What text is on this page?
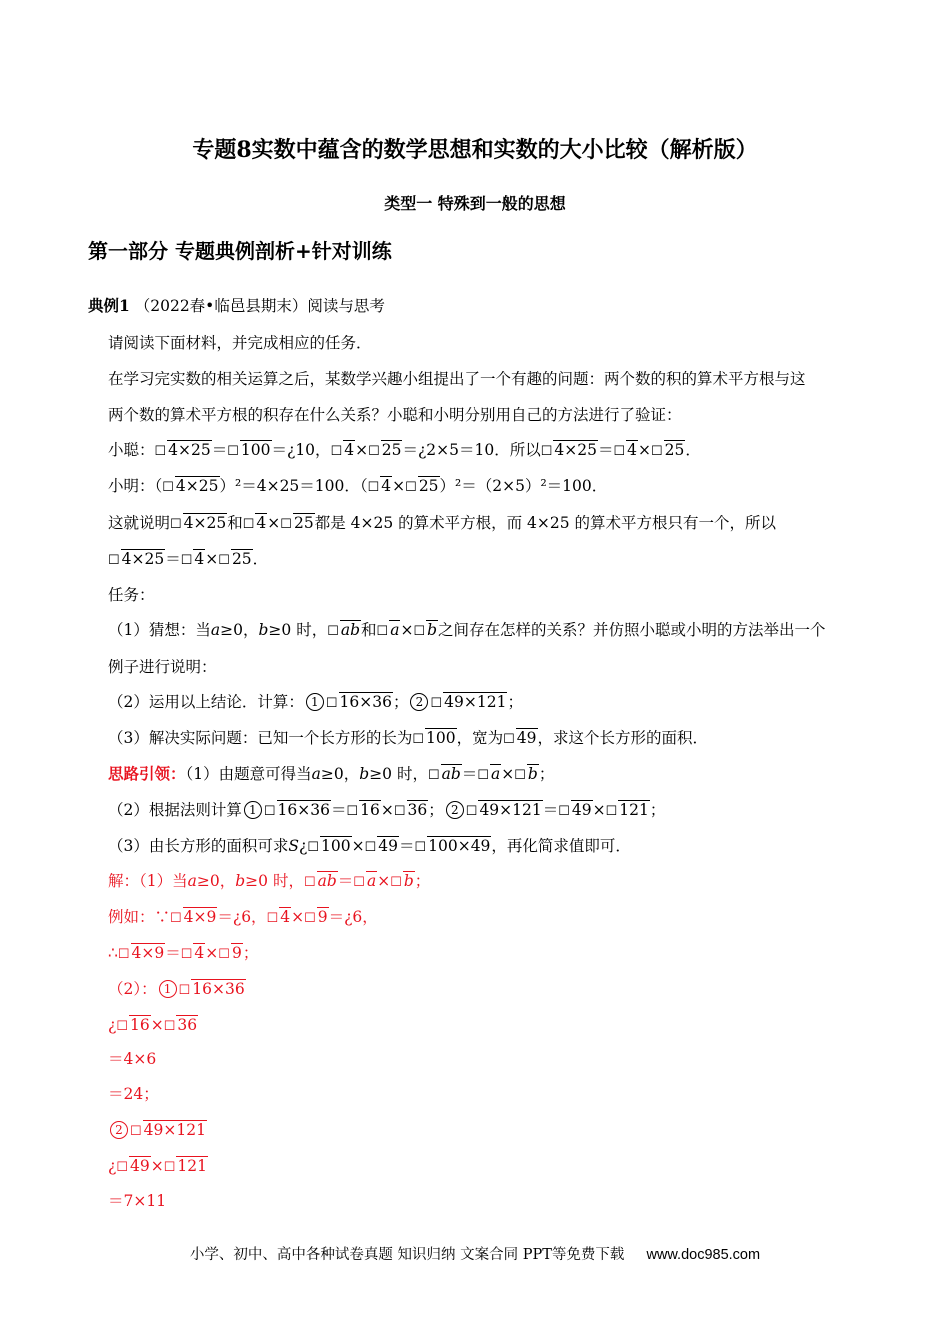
专题8实数中蕴含的数学思想和实数的大小比较（解析版）
类型一 特殊到一般的思想
第一部分 专题典例剖析+针对训练
典例1 （2022春•临邑县期末）阅读与思考
请阅读下面材料，并完成相应的任务．
在学习完实数的相关运算之后，某数学兴趣小组提出了一个有趣的问题：两个数的积的算术平方根与这
两个数的算术平方根的积存在什么关系？小聪和小明分别用自己的方法进行了验证：
小聪：☐ 4×25＝☐ 100＝¿10，☐ 4×☐ 25＝¿2×5＝10．所以☐ 4×25＝☐ 4×☐ 25．
小明：（☐ 4×25）²＝4×25＝100．（☐ 4×☐ 25）²＝（2×5）²＝100．
这就说明☐ 4×25和☐ 4×☐ 25都是 4×25 的算术平方根，而 4×25 的算术平方根只有一个，所以
☐ 4×25＝☐ 4×☐ 25．
任务：
（1）猜想：当a≥0，b≥0 时，☐ ab和☐ a×☐ b之间存在怎样的关系？并仿照小聪或小明的方法举出一个
例子进行说明：
（2）运用以上结论．计算： 1 ☐ 16×36； 2 ☐ 49×121；
（3）解决实际问题：已知一个长方形的长为☐ 100，宽为☐ 49，求这个长方形的面积．
思路引领：（1）由题意可得当a≥0，b≥0 时，☐ ab＝☐ a×☐ b；
（2）根据法则计算 1 ☐ 16×36＝☐ 16×☐ 36； 2 ☐ 49×121＝☐ 49×☐ 121；
（3）由长方形的面积可求S¿☐ 100×☐ 49＝☐ 100×49，再化简求值即可．
解：（1）当a≥0，b≥0 时，☐ ab＝☐ a×☐ b；
例如：∵☐ 4×9＝¿6，☐ 4×☐ 9＝¿6，
∴☐ 4×9＝☐ 4×☐ 9；
（2）： 1 ☐ 16×36
¿☐ 16×☐ 36
＝4×6
＝24；
2 ☐ 49×121
¿☐ 49×☐ 121
＝7×11
小学、初中、高中各种试卷真题 知识归纳 文案合同 PPT等免费下载 www.doc985.com
